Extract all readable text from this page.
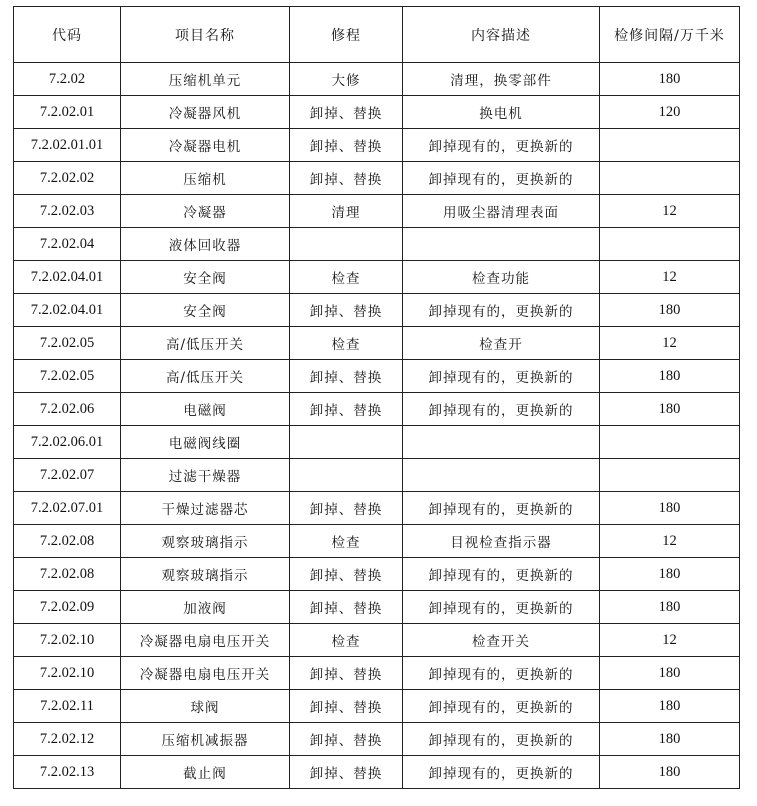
代码	项目名称	修程	内容描述	检修间隔/万千米
7.2.02	压缩机单元	大修	清理，换零部件	180
7.2.02.01	冷凝器风机	卸掉、替换	换电机	120
7.2.02.01.01	冷凝器电机	卸掉、替换	卸掉现有的，更换新的	
7.2.02.02	压缩机	卸掉、替换	卸掉现有的，更换新的	
7.2.02.03	冷凝器	清理	用吸尘器清理表面	12
7.2.02.04	液体回收器			
7.2.02.04.01	安全阀	检查	检查功能	12
7.2.02.04.01	安全阀	卸掉、替换	卸掉现有的，更换新的	180
7.2.02.05	高/低压开关	检查	检查开	12
7.2.02.05	高/低压开关	卸掉、替换	卸掉现有的，更换新的	180
7.2.02.06	电磁阀	卸掉、替换	卸掉现有的，更换新的	180
7.2.02.06.01	电磁阀线圈			
7.2.02.07	过滤干燥器			
7.2.02.07.01	干燥过滤器芯	卸掉、替换	卸掉现有的，更换新的	180
7.2.02.08	观察玻璃指示	检查	目视检查指示器	12
7.2.02.08	观察玻璃指示	卸掉、替换	卸掉现有的，更换新的	180
7.2.02.09	加液阀	卸掉、替换	卸掉现有的，更换新的	180
7.2.02.10	冷凝器电扇电压开关	检查	检查开关	12
7.2.02.10	冷凝器电扇电压开关	卸掉、替换	卸掉现有的，更换新的	180
7.2.02.11	球阀	卸掉、替换	卸掉现有的，更换新的	180
7.2.02.12	压缩机减振器	卸掉、替换	卸掉现有的，更换新的	180
7.2.02.13	截止阀	卸掉、替换	卸掉现有的，更换新的	180
